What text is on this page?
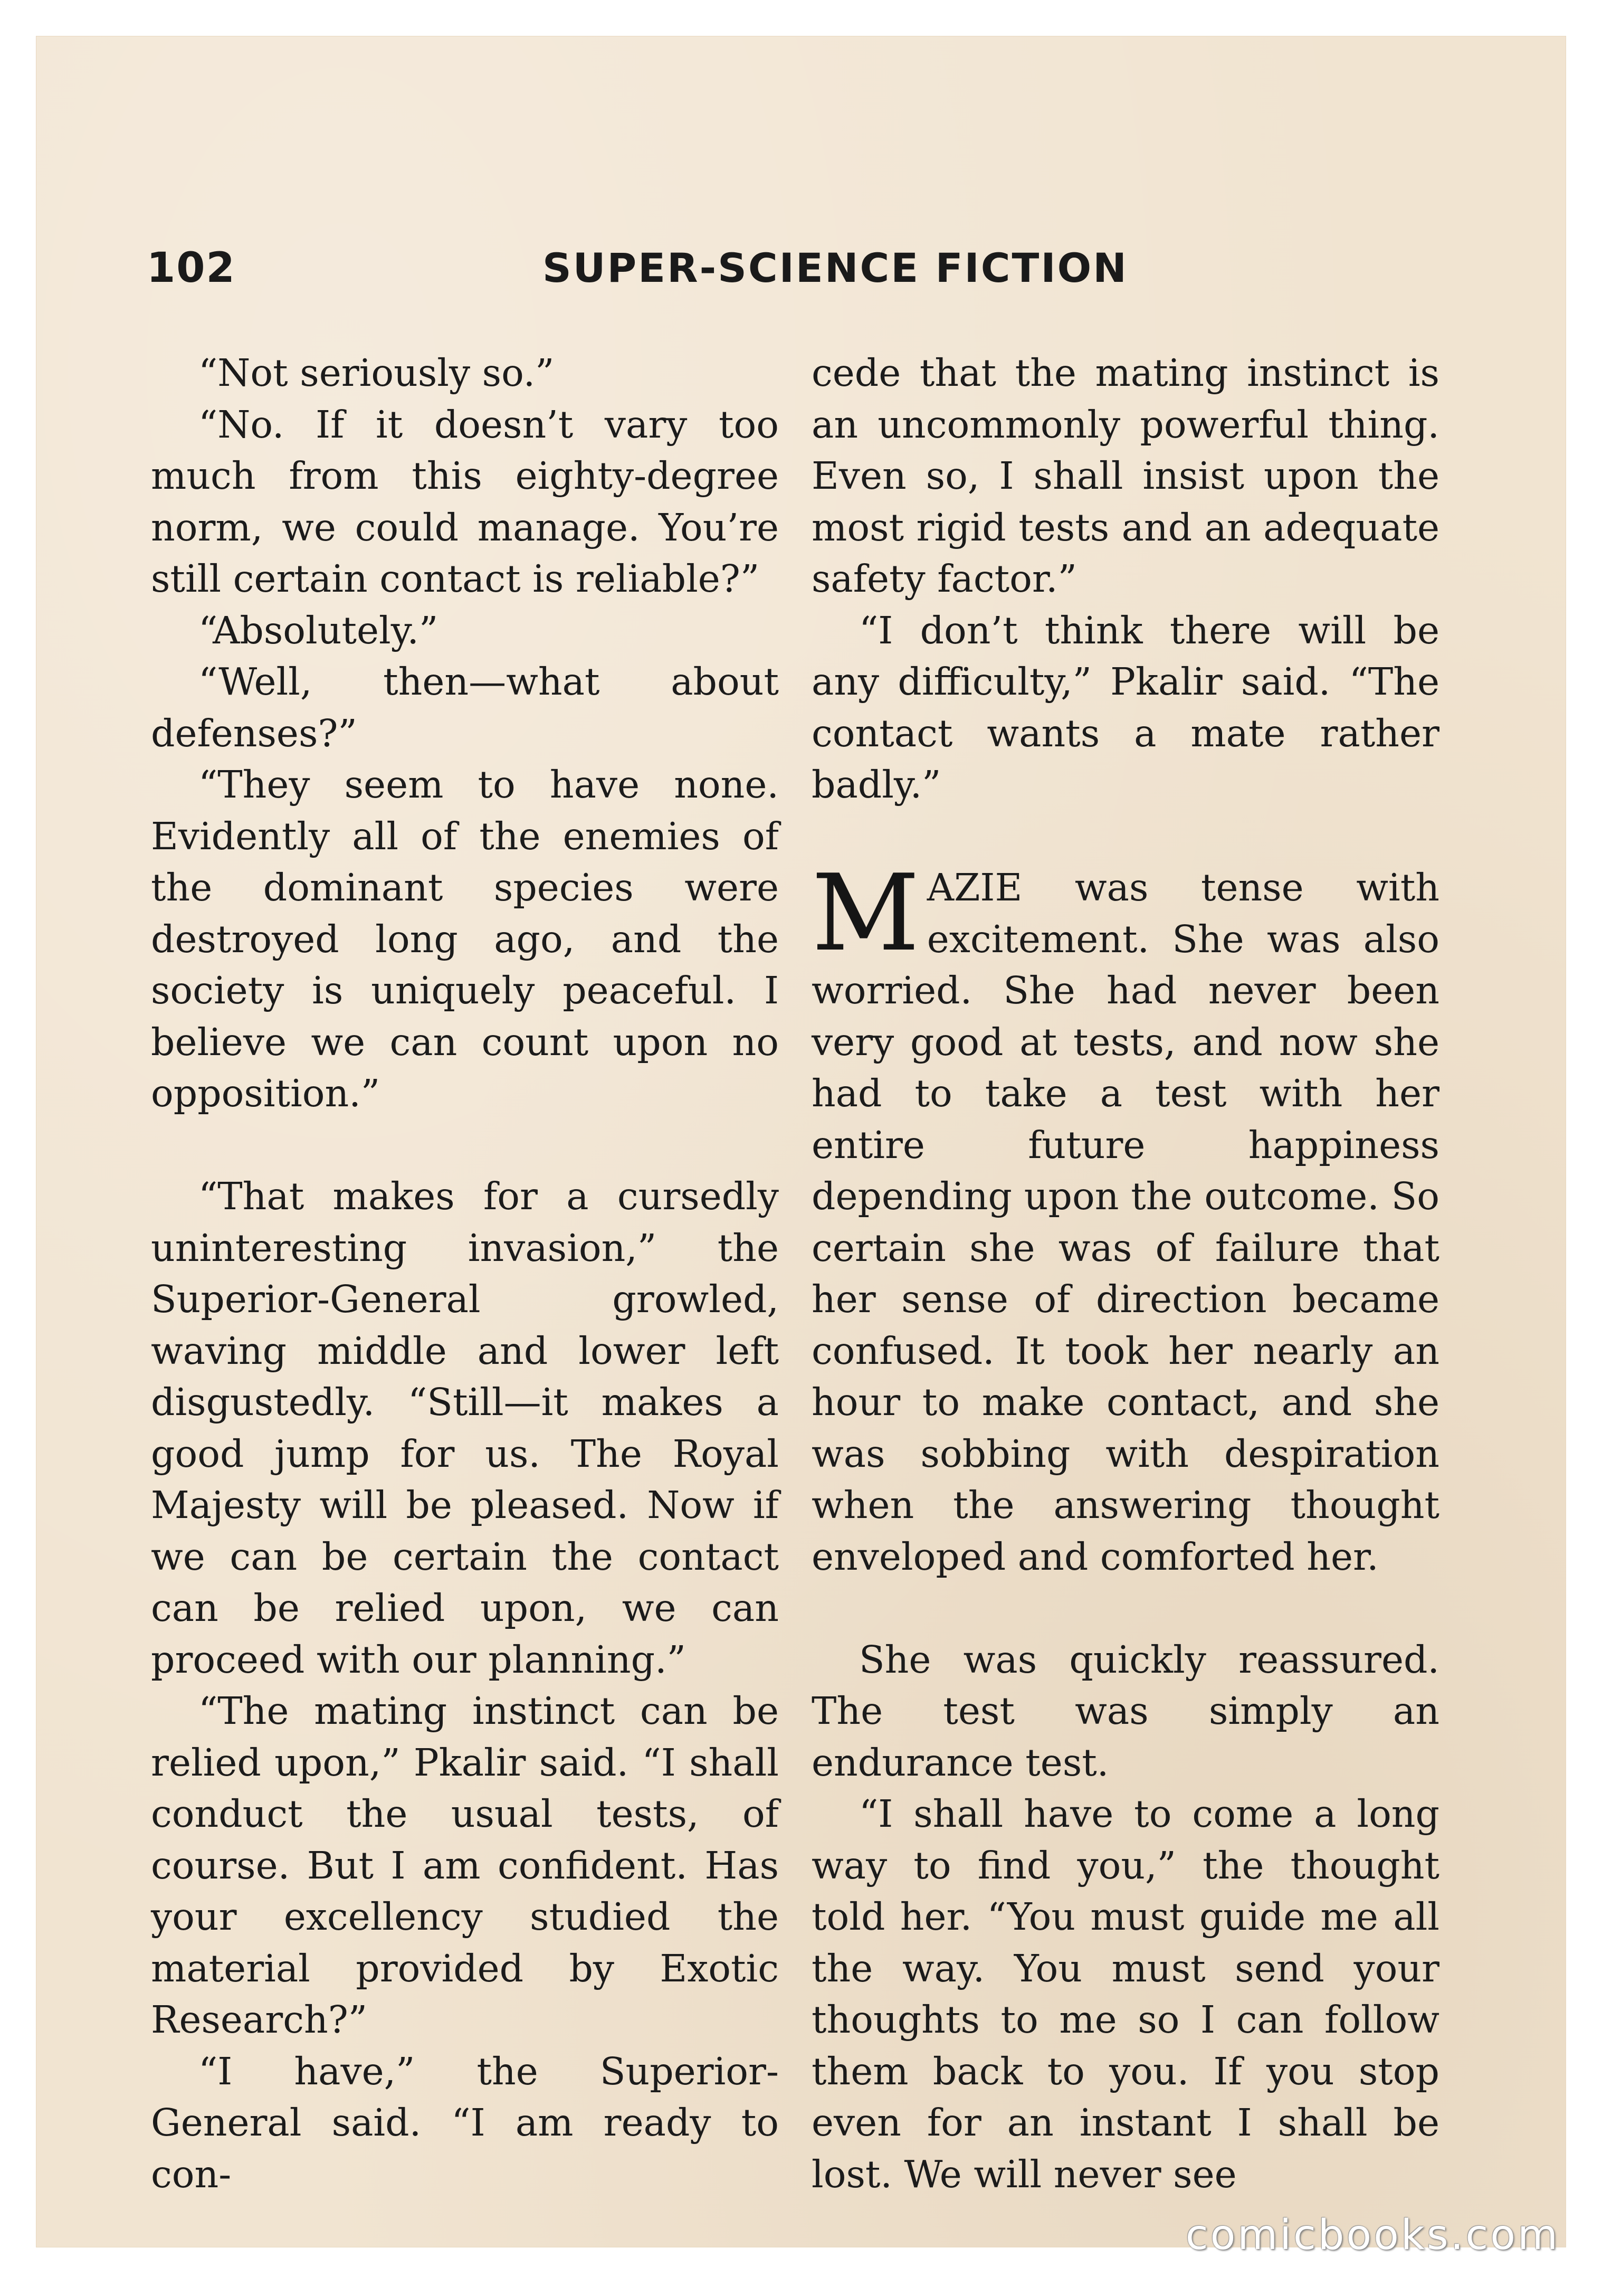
102	SUPER-SCIENCE FICTION

“Not seriously so.”

“No. If it doesn’t vary too much from this eighty-degree norm, we could manage. You’re still certain contact is reliable?”

“Absolutely.”

“Well, then—what about defenses?”

“They seem to have none. Evidently all of the enemies of the dominant species were destroyed long ago, and the society is uniquely peaceful. I believe we can count upon no opposition.”

“That makes for a cursedly uninteresting invasion,” the Superior-General growled, waving middle and lower left disgustedly. “Still—it makes a good jump for us. The Royal Majesty will be pleased. Now if we can be certain the contact can be relied upon, we can proceed with our planning.”

“The mating instinct can be relied upon,” Pkalir said. “I shall conduct the usual tests, of course. But I am confident. Has your excellency studied the material provided by Exotic Research?”

“I have,” the Superior-General said. “I am ready to con-

cede that the mating instinct is an uncommonly powerful thing. Even so, I shall insist upon the most rigid tests and an adequate safety factor.”

“I don’t think there will be any difficulty,” Pkalir said. “The contact wants a mate rather badly.”

MAZIE was tense with excitement. She was also worried. She had never been very good at tests, and now she had to take a test with her entire future happiness depending upon the outcome. So certain she was of failure that her sense of direction became confused. It took her nearly an hour to make contact, and she was sobbing with despiration when the answering thought enveloped and comforted her.

She was quickly reassured. The test was simply an endurance test.

“I shall have to come a long way to find you,” the thought told her. “You must guide me all the way. You must send your thoughts to me so I can follow them back to you. If you stop even for an instant I shall be lost. We will never see

comicbooks.com
